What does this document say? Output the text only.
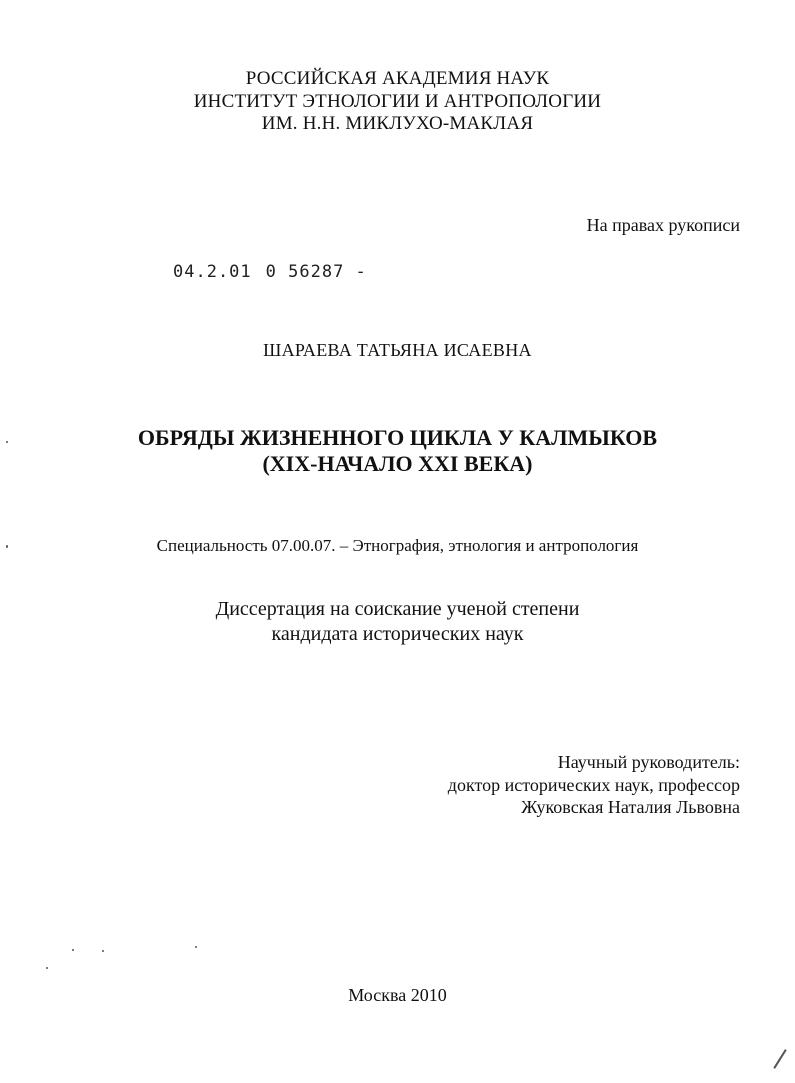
РОССИЙСКАЯ АКАДЕМИЯ НАУК
ИНСТИТУТ ЭТНОЛОГИИ И АНТРОПОЛОГИИ
ИМ. Н.Н. МИКЛУХО-МАКЛАЯ
На правах рукописи
04.2.01 0 56287 -
ШАРАЕВА ТАТЬЯНА ИСАЕВНА
ОБРЯДЫ ЖИЗНЕННОГО ЦИКЛА У КАЛМЫКОВ
(XIX-НАЧАЛО XXI ВЕКА)
Специальность 07.00.07. – Этнография, этнология и антропология
Диссертация на соискание ученой степени
кандидата исторических наук
Научный руководитель:
доктор исторических наук, профессор
Жуковская Наталия Львовна
Москва 2010
